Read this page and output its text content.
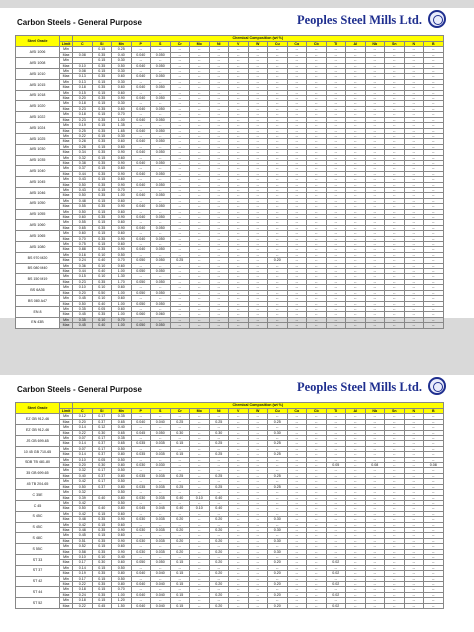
Carbon Steels - General Purpose	Peoples Steel Mills Ltd.
Steel Grade		Chemical Composition (wt %)																		
	Limit	C	Si	Mn	P	S	Cr	Mo	Ni	V	W	Cu	Co	Cb	Ti	Al	Nb	Sn	N	B
AISI 1006	Min		0.15	0.25	--	--	--	--	--	--	--	--	--	--	--	--	--	--	--	--
	Max	0.08	0.35	0.40	0.040	0.050	--	--	--	--	--	--	--	--	--	--	--	--	--	--
AISI 1008	Min		0.15	0.30	--	--	--	--	--	--	--	--	--	--	--	--	--	--	--	--
	Max	0.10	0.35	0.50	0.040	0.050	--	--	--	--	--	--	--	--	--	--	--	--	--	--
AISI 1010	Min	0.08	0.15	0.30	--	--	--	--	--	--	--	--	--	--	--	--	--	--	--	--
	Max	0.13	0.35	0.60	0.040	0.050	--	--	--	--	--	--	--	--	--	--	--	--	--	--
AISI 1015	Min	0.13	0.15	0.30	--	--	--	--	--	--	--	--	--	--	--	--	--	--	--	--
	Max	0.18	0.35	0.60	0.040	0.050	--	--	--	--	--	--	--	--	--	--	--	--	--	--
AISI 1018	Min	0.15	0.15	0.60	--	--	--	--	--	--	--	--	--	--	--	--	--	--	--	--
	Max	0.20	0.35	0.90	0.040	0.050	--	--	--	--	--	--	--	--	--	--	--	--	--	--
AISI 1020	Min	0.18	0.15	0.30	--	--	--	--	--	--	--	--	--	--	--	--	--	--	--	--
	Max	0.23	0.35	0.60	0.040	0.050	--	--	--	--	--	--	--	--	--	--	--	--	--	--
AISI 1022	Min	0.18	0.15	0.70	--	--	--	--	--	--	--	--	--	--	--	--	--	--	--	--
	Max	0.23	0.35	1.00	0.040	0.050	--	--	--	--	--	--	--	--	--	--	--	--	--	--
AISI 1024	Min	0.19	0.15	1.35	--	--	--	--	--	--	--	--	--	--	--	--	--	--	--	--
	Max	0.25	0.35	1.65	0.040	0.050	--	--	--	--	--	--	--	--	--	--	--	--	--	--
AISI 1025	Min	0.22	0.15	0.30	--	--	--	--	--	--	--	--	--	--	--	--	--	--	--	--
	Max	0.28	0.35	0.60	0.040	0.050	--	--	--	--	--	--	--	--	--	--	--	--	--	--
AISI 1030	Min	0.28	0.15	0.60	--	--	--	--	--	--	--	--	--	--	--	--	--	--	--	--
	Max	0.34	0.35	0.90	0.040	0.050	--	--	--	--	--	--	--	--	--	--	--	--	--	--
AISI 1035	Min	0.32	0.15	0.60	--	--	--	--	--	--	--	--	--	--	--	--	--	--	--	--
	Max	0.38	0.35	0.90	0.040	0.050	--	--	--	--	--	--	--	--	--	--	--	--	--	--
AISI 1040	Min	0.37	0.15	0.60	--	--	--	--	--	--	--	--	--	--	--	--	--	--	--	--
	Max	0.44	0.35	0.90	0.040	0.050	--	--	--	--	--	--	--	--	--	--	--	--	--	--
AISI 1045	Min	0.43	0.15	0.60	--	--	--	--	--	--	--	--	--	--	--	--	--	--	--	--
	Max	0.50	0.35	0.90	0.040	0.050	--	--	--	--	--	--	--	--	--	--	--	--	--	--
AISI 1046	Min	0.43	0.15	0.70	--	--	--	--	--	--	--	--	--	--	--	--	--	--	--	--
	Max	0.50	0.35	1.00	0.040	0.050	--	--	--	--	--	--	--	--	--	--	--	--	--	--
AISI 1050	Min	0.48	0.15	0.60	--	--	--	--	--	--	--	--	--	--	--	--	--	--	--	--
	Max	0.55	0.35	0.90	0.040	0.050	--	--	--	--	--	--	--	--	--	--	--	--	--	--
AISI 1055	Min	0.50	0.15	0.60	--	--	--	--	--	--	--	--	--	--	--	--	--	--	--	--
	Max	0.60	0.35	0.90	0.040	0.050	--	--	--	--	--	--	--	--	--	--	--	--	--	--
AISI 1060	Min	0.55	0.15	0.60	--	--	--	--	--	--	--	--	--	--	--	--	--	--	--	--
	Max	0.65	0.35	0.90	0.040	0.050	--	--	--	--	--	--	--	--	--	--	--	--	--	--
AISI 1065	Min	0.60	0.15	0.60	--	--	--	--	--	--	--	--	--	--	--	--	--	--	--	--
	Max	0.70	0.35	0.90	0.040	0.050	--	--	--	--	--	--	--	--	--	--	--	--	--	--
AISI 1080	Min	0.75	0.15	0.60	--	--	--	--	--	--	--	--	--	--	--	--	--	--	--	--
	Max	0.88	0.35	0.90	0.040	0.050	--	--	--	--	--	--	--	--	--	--	--	--	--	--
BS 970 M20	Min	0.16	0.10	0.50	--	--	--	--	--	--	--	--	--	--	--	--	--	--	--	--
	Max	0.24	0.40	0.70	0.050	0.050	0.25	--	--	--	--	0.20	--	--	--	--	--	--	--	--
BS 080 M40	Min	0.36	0.10	0.60	--	--	--	--	--	--	--	--	--	--	--	--	--	--	--	--
	Max	0.44	0.40	1.00	0.050	0.050	--	--	--	--	--	--	--	--	--	--	--	--	--	--
BS 150 M19	Min	0.15	0.10	1.30	--	--	--	--	--	--	--	--	--	--	--	--	--	--	--	--
	Max	0.23	0.35	1.70	0.050	0.050	--	--	--	--	--	--	--	--	--	--	--	--	--	--
BS 6A36	Min	0.10	0.10	0.60	--	--	--	--	--	--	--	--	--	--	--	--	--	--	--	--
	Max	0.20	0.50	1.00	0.050	0.050	--	--	--	--	--	--	--	--	--	--	--	--	--	--
BS 080 A47	Min	0.45	0.10	0.60	--	--	--	--	--	--	--	--	--	--	--	--	--	--	--	--
	Max	0.50	0.40	1.00	0.050	0.050	--	--	--	--	--	--	--	--	--	--	--	--	--	--
EN 8	Min	0.35	0.05	0.60	--	--	--	--	--	--	--	--	--	--	--	--	--	--	--	--
	Max	0.45	0.35	1.00	0.060	0.060	--	--	--	--	--	--	--	--	--	--	--	--	--	--
EN 43B	Min	0.35	0.10	0.70	--	--	--	--	--	--	--	--	--	--	--	--	--	--	--	--
	Max	0.45	0.40	1.00	0.050	0.050	--	--	--	--	--	--	--	--	--	--	--	--	--	--
Carbon Steels - General Purpose	Peoples Steel Mills Ltd.
Steel Grade		Chemical Composition (wt %)																		
	Limit	C	Si	Mn	P	S	Cr	Mo	Ni	V	W	Cu	Co	Cb	Ti	Al	Nb	Sn	N	B
EZ GB 912-46	Min	0.12	0.17	0.35	--	--	--	--	--	--	--	--	--	--	--	--	--	--	--	--
	Max	0.20	0.37	0.65	0.040	0.040	0.25	--	0.25	--	--	0.25	--	--	--	--	--	--	--	--
EZ GB 912-46	Min	0.14	0.12	0.40	--	--	--	--	--	--	--	--	--	--	--	--	--	--	--	--
	Max	0.22	0.30	0.65	0.045	0.050	0.30	--	0.30	--	--	0.30	--	--	--	--	--	--	--	--
JS GB 699-65	Min	0.07	0.17	0.35	--	--	--	--	--	--	--	--	--	--	--	--	--	--	--	--
	Max	0.14	0.37	0.65	0.035	0.035	0.15	--	0.25	--	--	0.25	--	--	--	--	--	--	--	--
10 45 GB 710-65	Min	0.07	0.17	0.50	--	--	--	--	--	--	--	--	--	--	--	--	--	--	--	--
	Max	0.14	0.37	0.80	0.035	0.035	0.15	--	0.25	--	--	0.25	--	--	--	--	--	--	--	--
SDB TB 481-80	Min	0.10	0.05	0.50	--	--	--	--	--	--	--	--	--	--	--	--	--	--	--	--
	Max	0.20	0.30	0.80	0.030	0.030	--	--	--	--	--	--	--	--	0.05	--	0.08	--	--	0.08
35 GB 699-65	Min	0.32	0.17	0.50	--	--	--	--	--	--	--	--	--	--	--	--	--	--	--	--
	Max	0.40	0.37	0.80	0.035	0.035	0.25	--	0.25	--	--	0.25	--	--	--	--	--	--	--	--
45 TB 204-65	Min	0.42	0.17	0.50	--	--	--	--	--	--	--	--	--	--	--	--	--	--	--	--
	Max	0.50	0.37	0.80	0.035	0.035	0.25	--	0.25	--	--	0.25	--	--	--	--	--	--	--	--
C 35E	Min	0.32		0.50	--	--	--	--	--	--	--	--	--	--	--	--	--	--	--	--
	Max	0.39	0.40	0.80	0.030	0.035	0.40	0.10	0.40	--	--	--	--	--	--	--	--	--	--	--
C 45	Min	0.42		0.50	--	--	--	--	--	--	--	--	--	--	--	--	--	--	--	--
	Max	0.50	0.40	0.80	0.045	0.045	0.40	0.10	0.40	--	--	--	--	--	--	--	--	--	--	--
S 45C	Min	0.42	0.15	0.60	--	--	--	--	--	--	--	--	--	--	--	--	--	--	--	--
	Max	0.48	0.35	0.90	0.030	0.035	0.20	--	0.20	--	--	0.30	--	--	--	--	--	--	--	--
S 45C	Min	0.42	0.15	0.60	--	--	--	--	--	--	--	--	--	--	--	--	--	--	--	--
	Max	0.48	0.35	0.90	0.030	0.035	0.20	--	0.20	--	--	0.30	--	--	--	--	--	--	--	--
S 48C	Min	0.45	0.15	0.60	--	--	--	--	--	--	--	--	--	--	--	--	--	--	--	--
	Max	0.51	0.35	0.90	0.030	0.035	0.20	--	0.20	--	--	0.30	--	--	--	--	--	--	--	--
S 55C	Min	0.52	0.15	0.60	--	--	--	--	--	--	--	--	--	--	--	--	--	--	--	--
	Max	0.58	0.35	0.90	0.030	0.035	0.20	--	0.20	--	--	0.30	--	--	--	--	--	--	--	--
ST 33	Min	0.10	0.10	0.40	--	--	--	--	--	--	--	--	--	--	--	--	--	--	--	--
	Max	0.17	0.30	0.60	0.050	0.050	0.15	--	0.20	--	--	0.20	--	--	0.02	--	--	--	--	--
ST 37	Min	0.14	0.15	0.50	--	--	--	--	--	--	--	--	--	--	--	--	--	--	--	--
	Max	0.19	0.35	0.80	0.040	0.040	0.15	--	0.20	--	--	0.20	--	--	0.02	--	--	--	--	--
ST 42	Min	0.17	0.15	0.50	--	--	--	--	--	--	--	--	--	--	--	--	--	--	--	--
	Max	0.22	0.35	0.80	0.040	0.040	0.15	--	0.20	--	--	0.20	--	--	0.02	--	--	--	--	--
ST 44	Min	0.18	0.15	0.70	--	--	--	--	--	--	--	--	--	--	--	--	--	--	--	--
	Max	0.24	0.35	1.00	0.040	0.040	0.15	--	0.20	--	--	0.20	--	--	0.02	--	--	--	--	--
ST 52	Min	0.18	0.15	1.20	--	--	--	--	--	--	--	--	--	--	--	--	--	--	--	--
	Max	0.22	0.45	1.50	0.040	0.040	0.15	--	0.20	--	--	0.20	--	--	0.02	--	--	--	--	--
